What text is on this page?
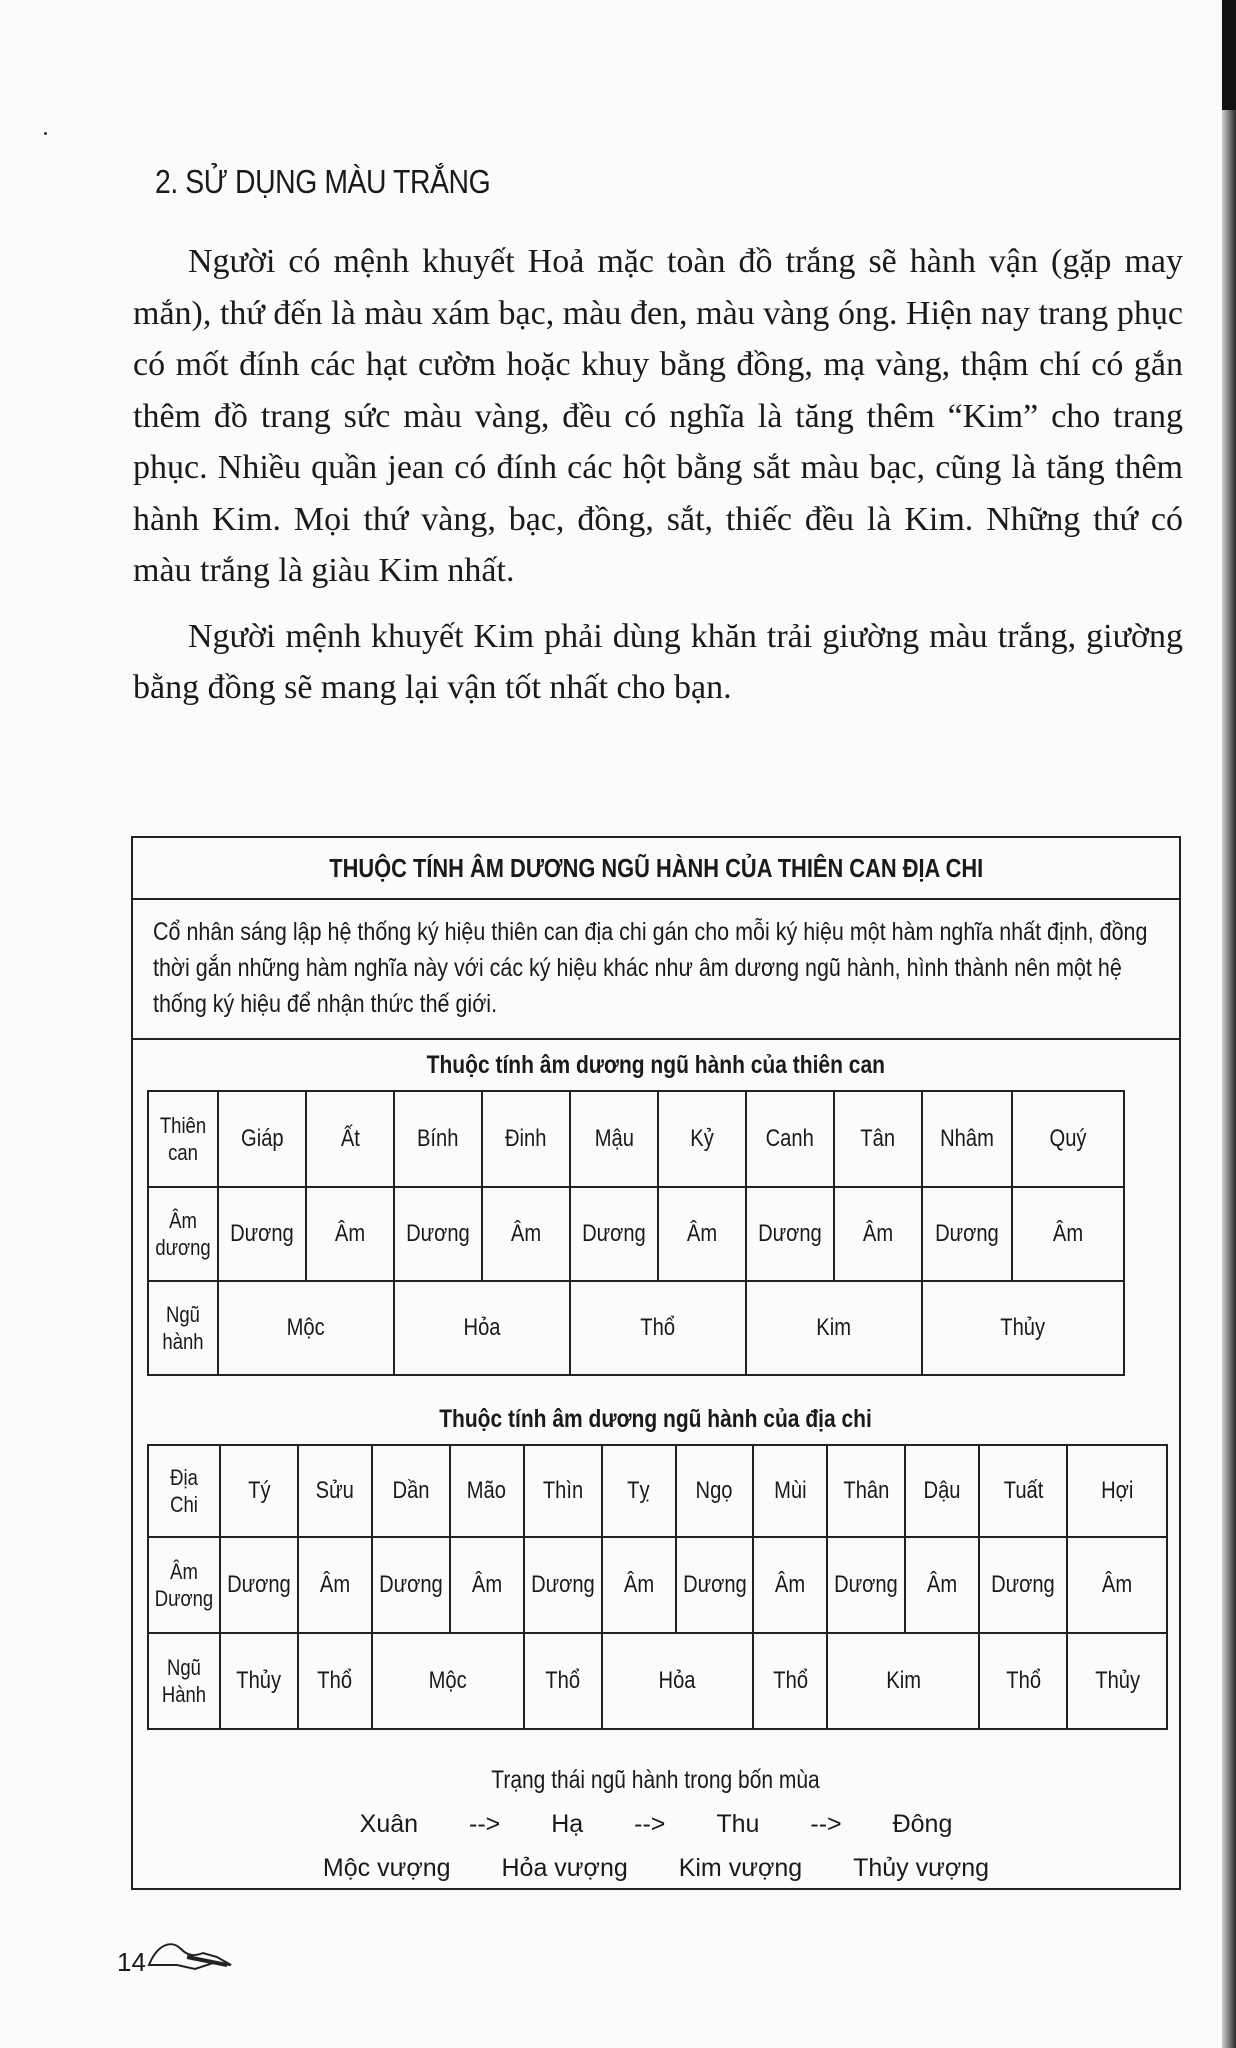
2. SỬ DỤNG MÀU TRẮNG

Người có mệnh khuyết Hoả mặc toàn đồ trắng sẽ hành vận (gặp may mắn), thứ đến là màu xám bạc, màu đen, màu vàng óng. Hiện nay trang phục có mốt đính các hạt cườm hoặc khuy bằng đồng, mạ vàng, thậm chí có gắn thêm đồ trang sức màu vàng, đều có nghĩa là tăng thêm “Kim” cho trang phục. Nhiều quần jean có đính các hột bằng sắt màu bạc, cũng là tăng thêm hành Kim. Mọi thứ vàng, bạc, đồng, sắt, thiếc đều là Kim. Những thứ có màu trắng là giàu Kim nhất.

Người mệnh khuyết Kim phải dùng khăn trải giường màu trắng, giường bằng đồng sẽ mang lại vận tốt nhất cho bạn.

THUỘC TÍNH ÂM DƯƠNG NGŨ HÀNH CỦA THIÊN CAN ĐỊA CHI
Cổ nhân sáng lập hệ thống ký hiệu thiên can địa chi gán cho mỗi ký hiệu một hàm nghĩa nhất định, đồng thời gắn những hàm nghĩa này với các ký hiệu khác như âm dương ngũ hành, hình thành nên một hệ thống ký hiệu để nhận thức thế giới.
Thuộc tính âm dương ngũ hành của thiên can
Thiên can	Giáp	Ất	Bính	Đinh	Mậu	Kỷ	Canh	Tân	Nhâm	Quý
Âm dương	Dương	Âm	Dương	Âm	Dương	Âm	Dương	Âm	Dương	Âm
Ngũ hành	Mộc		Hỏa		Thổ		Kim		Thủy	
Thuộc tính âm dương ngũ hành của địa chi
Địa Chi	Tý	Sửu	Dần	Mão	Thìn	Tỵ	Ngọ	Mùi	Thân	Dậu	Tuất	Hợi
Âm Dương	Dương	Âm	Dương	Âm	Dương	Âm	Dương	Âm	Dương	Âm	Dương	Âm
Ngũ Hành	Thủy	Thổ	Mộc		Thổ	Hỏa		Thổ	Kim		Thổ	Thủy
Trạng thái ngũ hành trong bốn mùa
Xuân --> Hạ --> Thu --> Đông
Mộc vượng Hỏa vượng Kim vượng Thủy vượng
14
